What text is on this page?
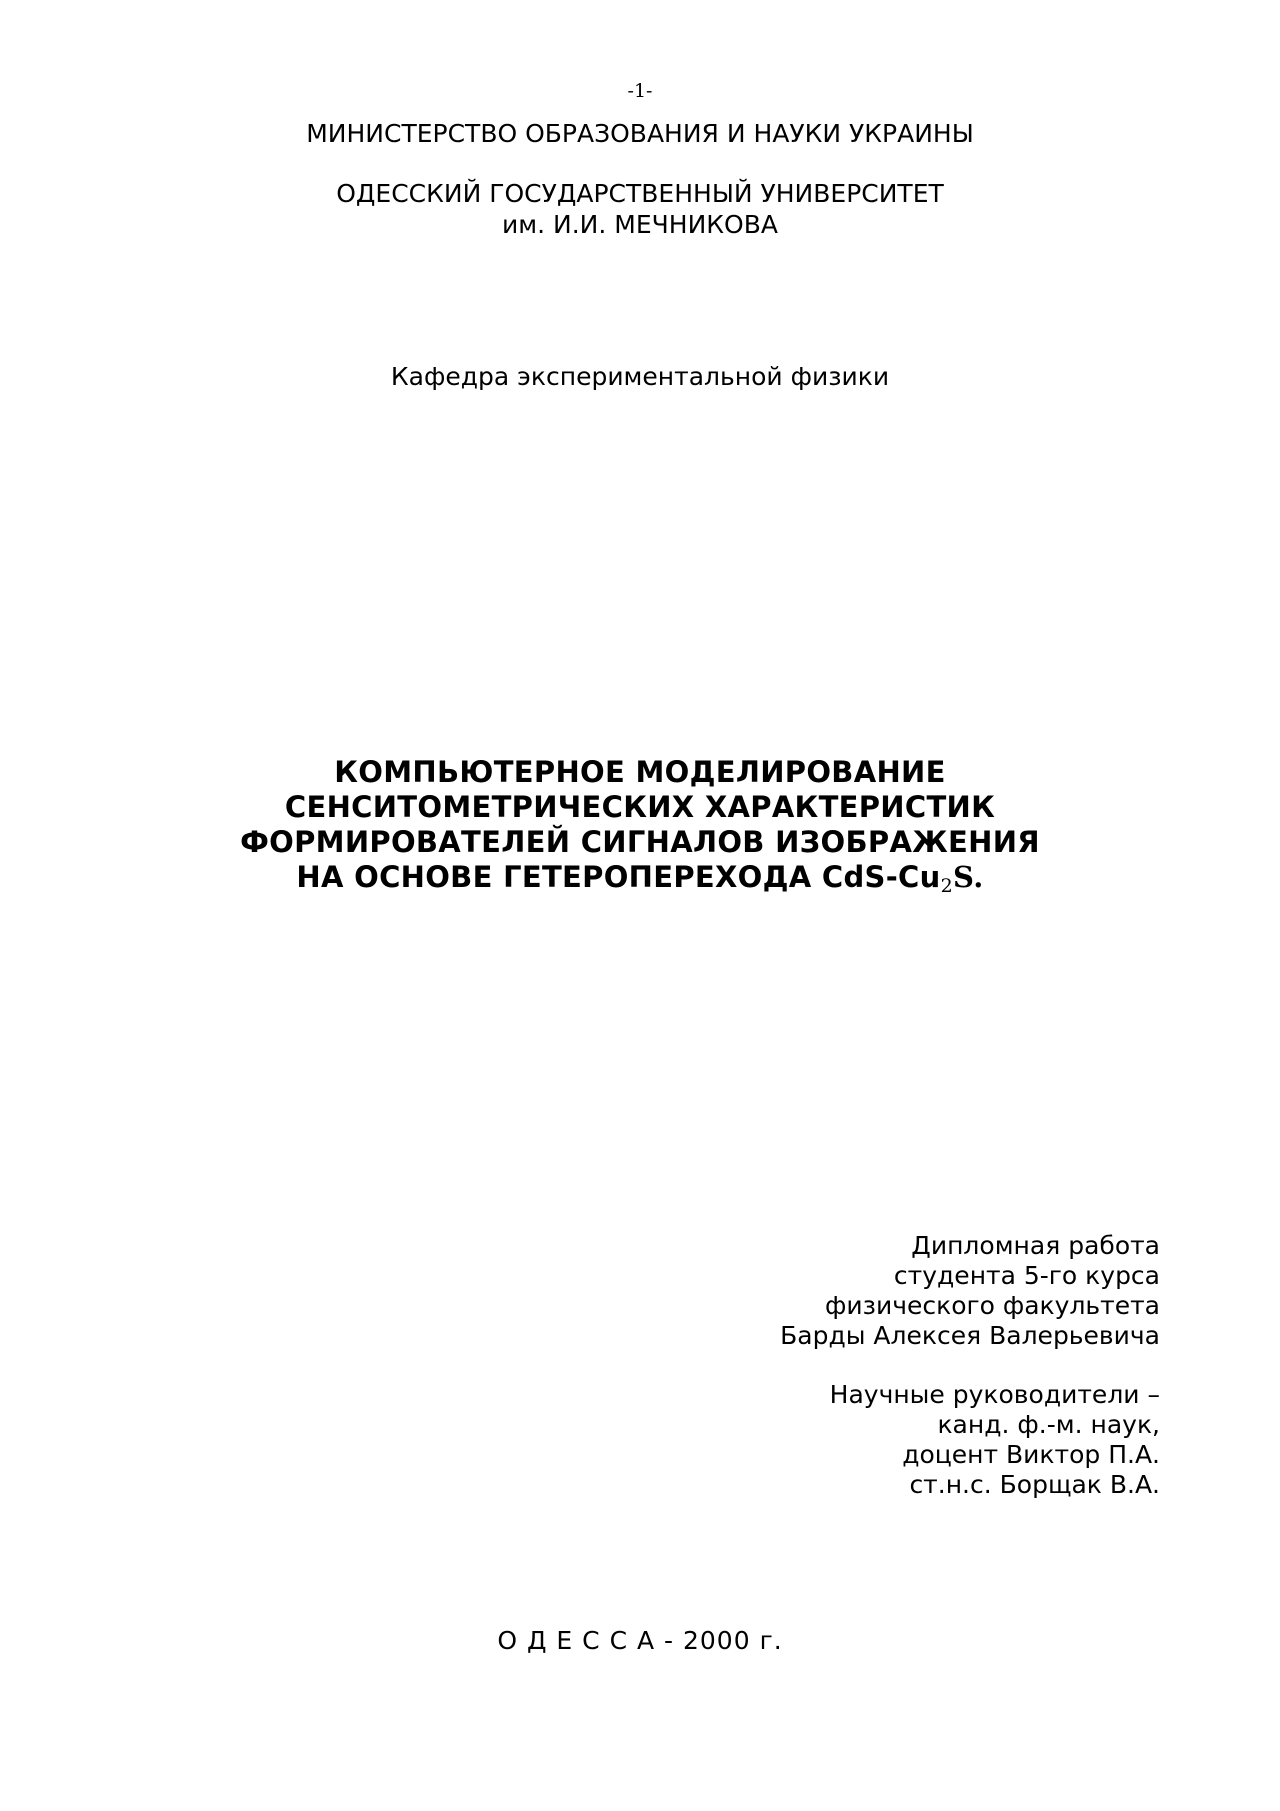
-1-
МИНИСТЕРСТВО ОБРАЗОВАНИЯ И НАУКИ УКРАИНЫ
ОДЕССКИЙ ГОСУДАРСТВЕННЫЙ УНИВЕРСИТЕТ
им. И.И. МЕЧНИКОВА
Кафедра экспериментальной физики
КОМПЬЮТЕРНОЕ МОДЕЛИРОВАНИЕ
СЕНСИТОМЕТРИЧЕСКИХ ХАРАКТЕРИСТИК
ФОРМИРОВАТЕЛЕЙ СИГНАЛОВ ИЗОБРАЖЕНИЯ
НА ОСНОВЕ ГЕТЕРОПЕРЕХОДА CdS-$Cu_2S$.
Дипломная работа
студента 5-го курса
физического факультета
Барды Алексея Валерьевича
Научные руководители –
канд. ф.-м. наук,
доцент Виктор П.А.
ст.н.с. Борщак В.А.
О Д Е С С А - 2000 г.
